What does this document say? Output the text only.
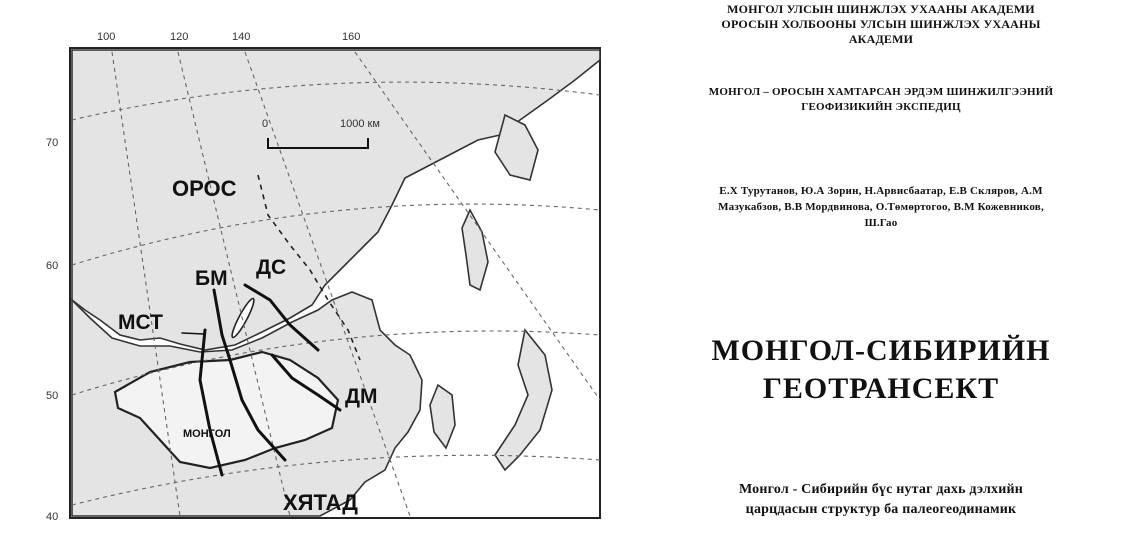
0	1000 км
100	120	140	160
70
60
50
40
ОРОС
МОНГОЛ
ХЯТАД
МСТ
БМ ДС
ДМ
МОНГОЛ УЛСЫН ШИНЖЛЭХ УХААНЫ АКАДЕМИ
ОРОСЫН ХОЛБООНЫ УЛСЫН ШИНЖЛЭХ УХААНЫ
АКАДЕМИ
МОНГОЛ – ОРОСЫН ХАМТАРСАН ЭРДЭМ ШИНЖИЛГЭЭНИЙ
ГЕОФИЗИКИЙН ЭКСПЕДИЦ
Е.Х Турутанов, Ю.А Зорин, Н.Арвисбаатар, Е.В Скляров, А.М
Мазукабзов, В.В Мордвинова, О.Төмөртогоо, В.М Кожевников,
Ш.Гао
МОНГОЛ-СИБИРИЙН
ГЕОТРАНСЕКТ
Монгол - Сибирийн бүс нутаг дахь дэлхийн
царцдасын структур ба палеогеодинамик
